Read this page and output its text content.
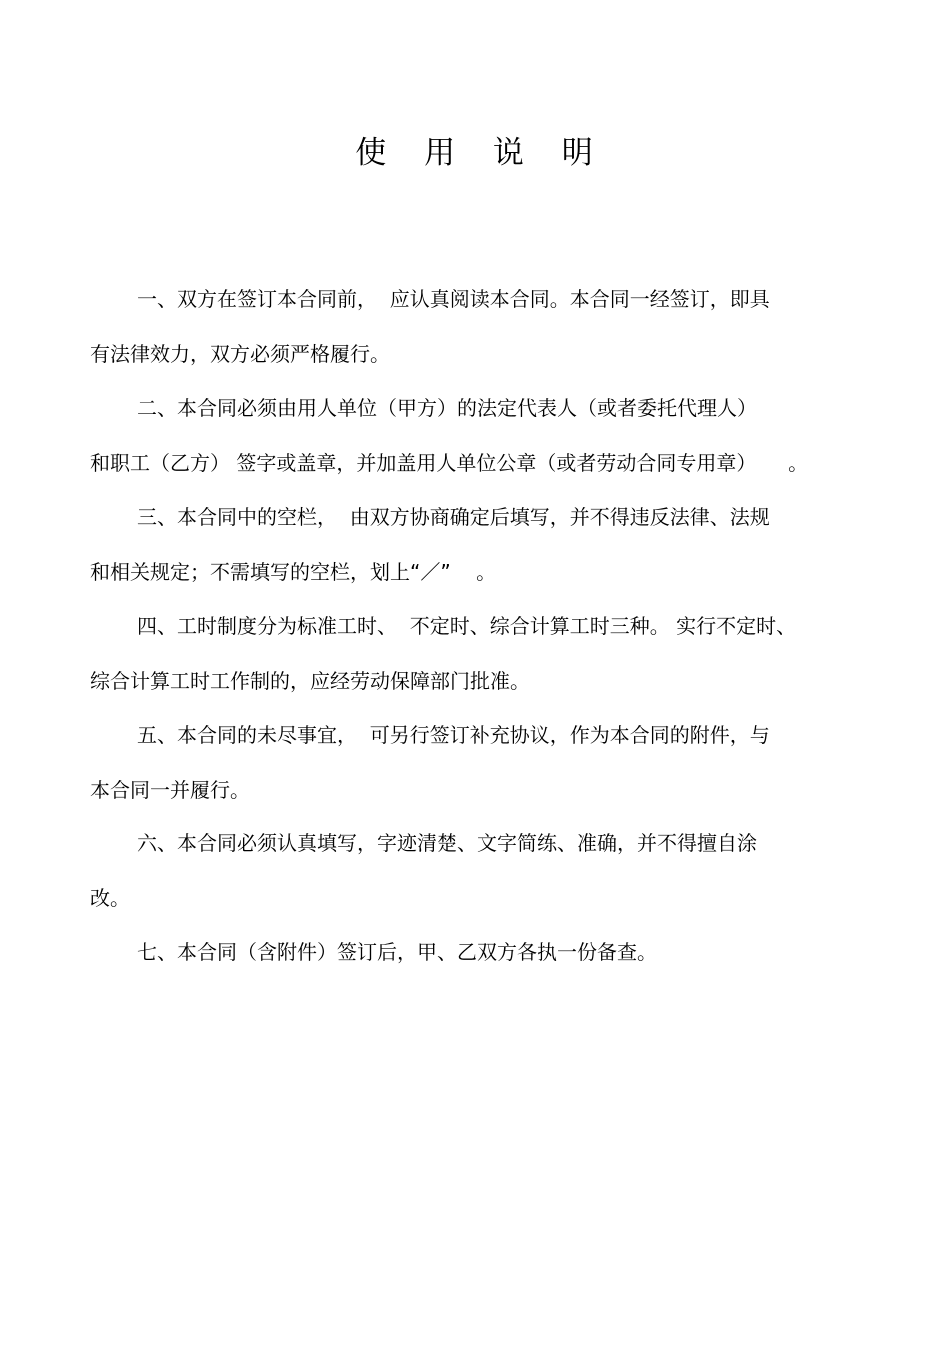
使 用 说 明

一、双方在签订本合同前，  应认真阅读本合同。本合同一经签订，即具

有法律效力，双方必须严格履行。

二、本合同必须由用人单位（甲方）的法定代表人（或者委托代理人）

和职工（乙方） 签字或盖章，并加盖用人单位公章（或者劳动合同专用章）     。

三、本合同中的空栏，  由双方协商确定后填写，并不得违反法律、法规

和相关规定；不需填写的空栏，划上“／”    。

四、工时制度分为标准工时、  不定时、综合计算工时三种。 实行不定时、

综合计算工时工作制的，应经劳动保障部门批准。

五、本合同的未尽事宜，  可另行签订补充协议，作为本合同的附件，与

本合同一并履行。

六、本合同必须认真填写，字迹清楚、文字简练、准确，并不得擅自涂

改。

七、本合同（含附件）签订后，甲、乙双方各执一份备查。
